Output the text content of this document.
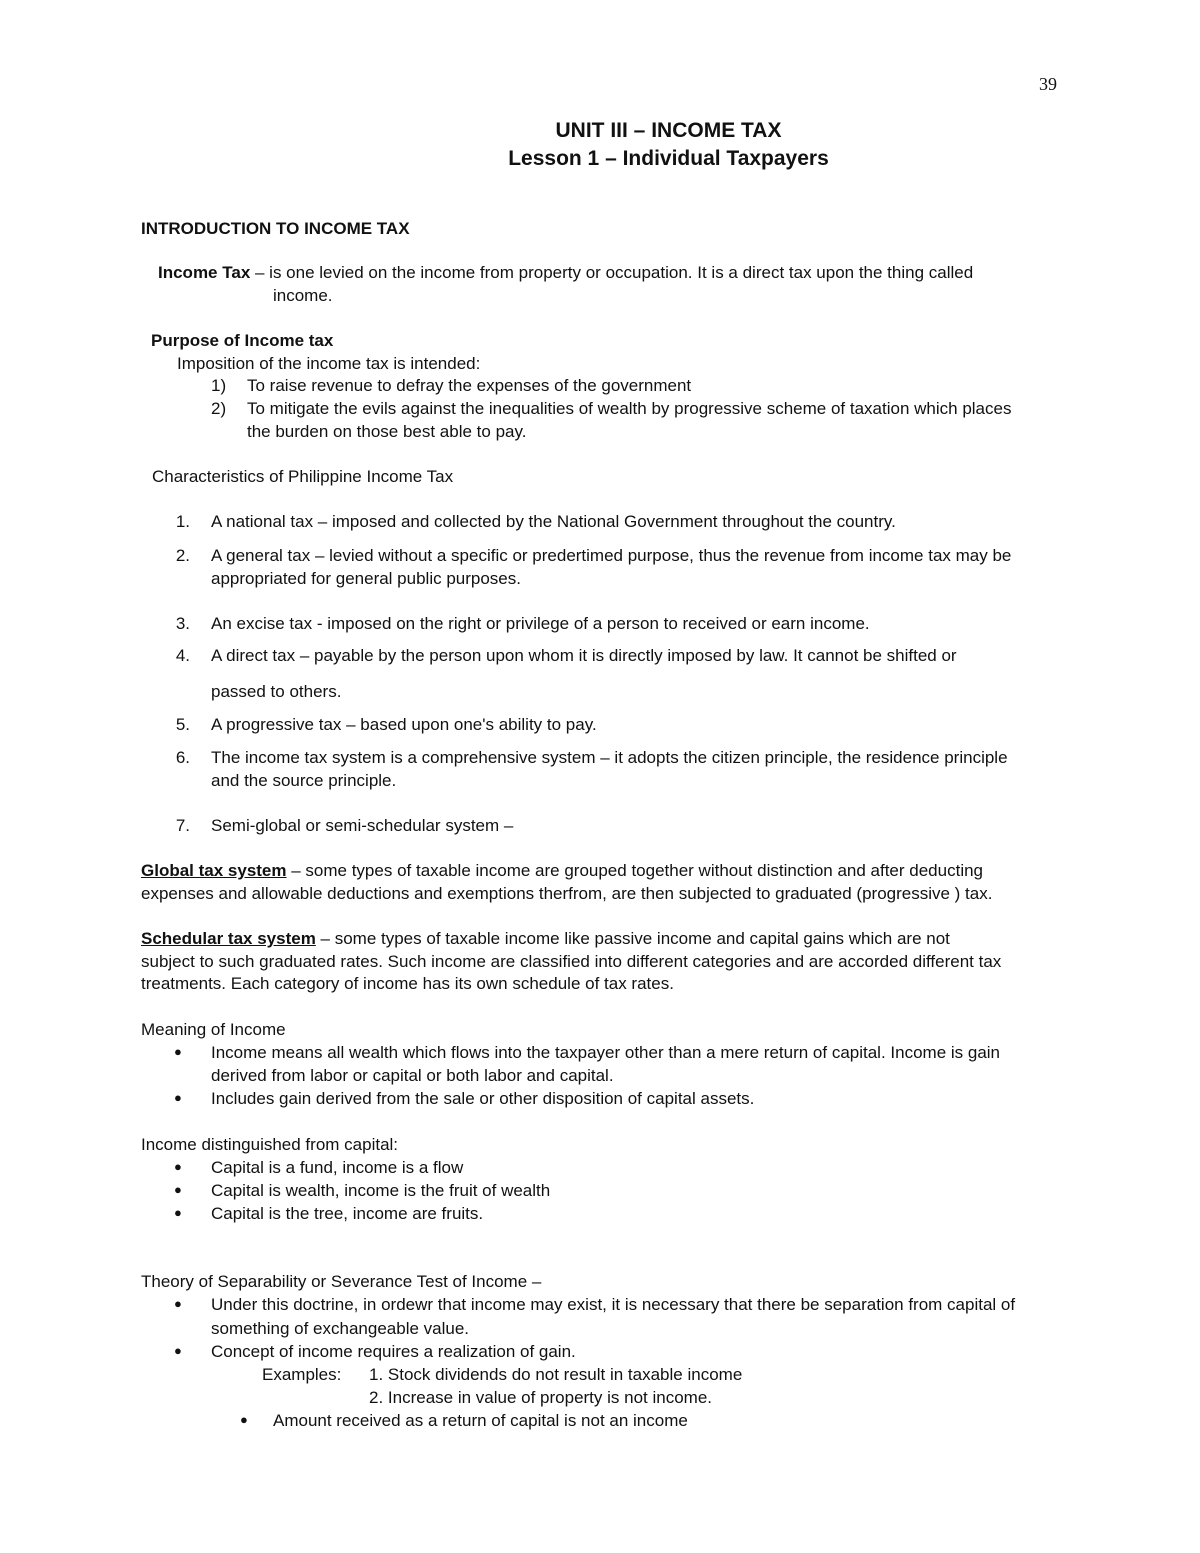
39
UNIT III – INCOME TAX
Lesson 1 – Individual Taxpayers
INTRODUCTION TO INCOME TAX
Income Tax – is one levied on the income from property or occupation. It is a direct tax upon the thing called
income.
Purpose of Income tax
Imposition of the income tax is intended:
1) To raise revenue to defray the expenses of the government
2) To mitigate the evils against the inequalities of wealth by progressive scheme of taxation which places
the burden on those best able to pay.
Characteristics of Philippine Income Tax
1. A national tax – imposed and collected by the National Government throughout the country.
2. A general tax – levied without a specific or predertimed purpose, thus the revenue from income tax may be
appropriated for general public purposes.
3. An excise tax - imposed on the right or privilege of a person to received or earn income.
4. A direct tax – payable by the person upon whom it is directly imposed by law. It cannot be shifted or
passed to others.
5. A progressive tax – based upon one's ability to pay.
6. The income tax system is a comprehensive system – it adopts the citizen principle, the residence principle
and the source principle.
7. Semi-global or semi-schedular system –
Global tax system – some types of taxable income are grouped together without distinction and after deducting
expenses and allowable deductions and exemptions therfrom, are then subjected to graduated (progressive ) tax.
Schedular tax system – some types of taxable income like passive income and capital gains which are not
subject to such graduated rates. Such income are classified into different categories and are accorded different tax
treatments. Each category of income has its own schedule of tax rates.
Meaning of Income
● Income means all wealth which flows into the taxpayer other than a mere return of capital. Income is gain
derived from labor or capital or both labor and capital.
● Includes gain derived from the sale or other disposition of capital assets.
Income distinguished from capital:
● Capital is a fund, income is a flow
● Capital is wealth, income is the fruit of wealth
● Capital is the tree, income are fruits.
Theory of Separability or Severance Test of Income –
● Under this doctrine, in ordewr that income may exist, it is necessary that there be separation from capital of
something of exchangeable value.
● Concept of income requires a realization of gain.
Examples: 1. Stock dividends do not result in taxable income
2. Increase in value of property is not income.
● Amount received as a return of capital is not an income
